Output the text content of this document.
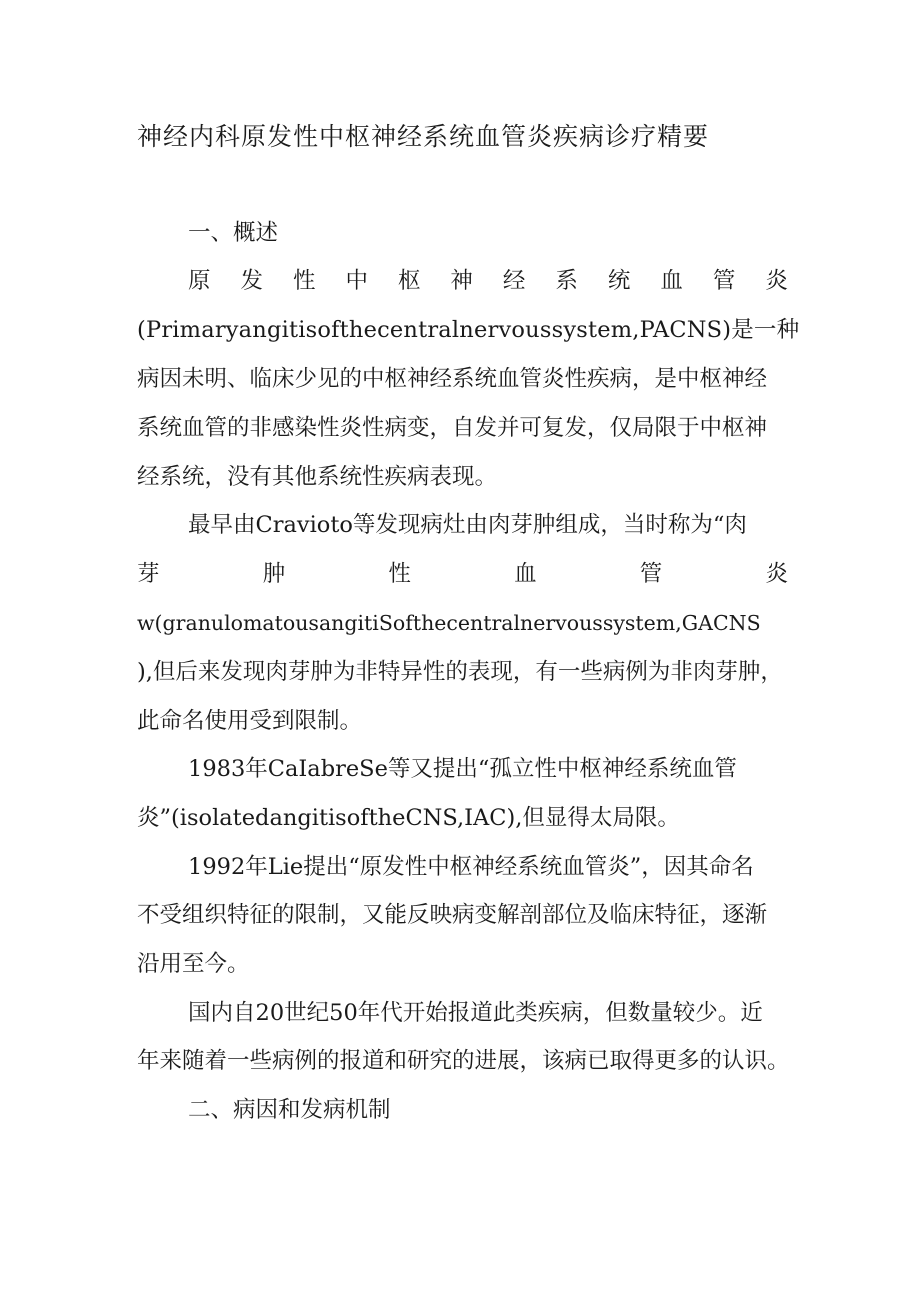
神经内科原发性中枢神经系统血管炎疾病诊疗精要
一、概述
原 发 性 中 枢 神 经 系 统 血 管 炎
(Primaryangitisofthecentralnervoussystem,PACNS)是一种
病因未明、临床少见的中枢神经系统血管炎性疾病，是中枢神经
系统血管的非感染性炎性病变，自发并可复发，仅局限于中枢神
经系统，没有其他系统性疾病表现。
最早由Cravioto等发现病灶由肉芽肿组成，当时称为“肉
芽	肿	性	血	管	炎
w(granulomatousangitiSofthecentralnervoussystem,GACNS
),但后来发现肉芽肿为非特异性的表现，有一些病例为非肉芽肿，
此命名使用受到限制。
1983年CaIabreSe等又提出“孤立性中枢神经系统血管
炎”(isolatedangitisoftheCNS,IAC),但显得太局限。
1992年Lie提出“原发性中枢神经系统血管炎”，因其命名
不受组织特征的限制，又能反映病变解剖部位及临床特征，逐渐
沿用至今。
国内自20世纪50年代开始报道此类疾病，但数量较少。近
年来随着一些病例的报道和研究的进展，该病已取得更多的认识。
二、病因和发病机制
